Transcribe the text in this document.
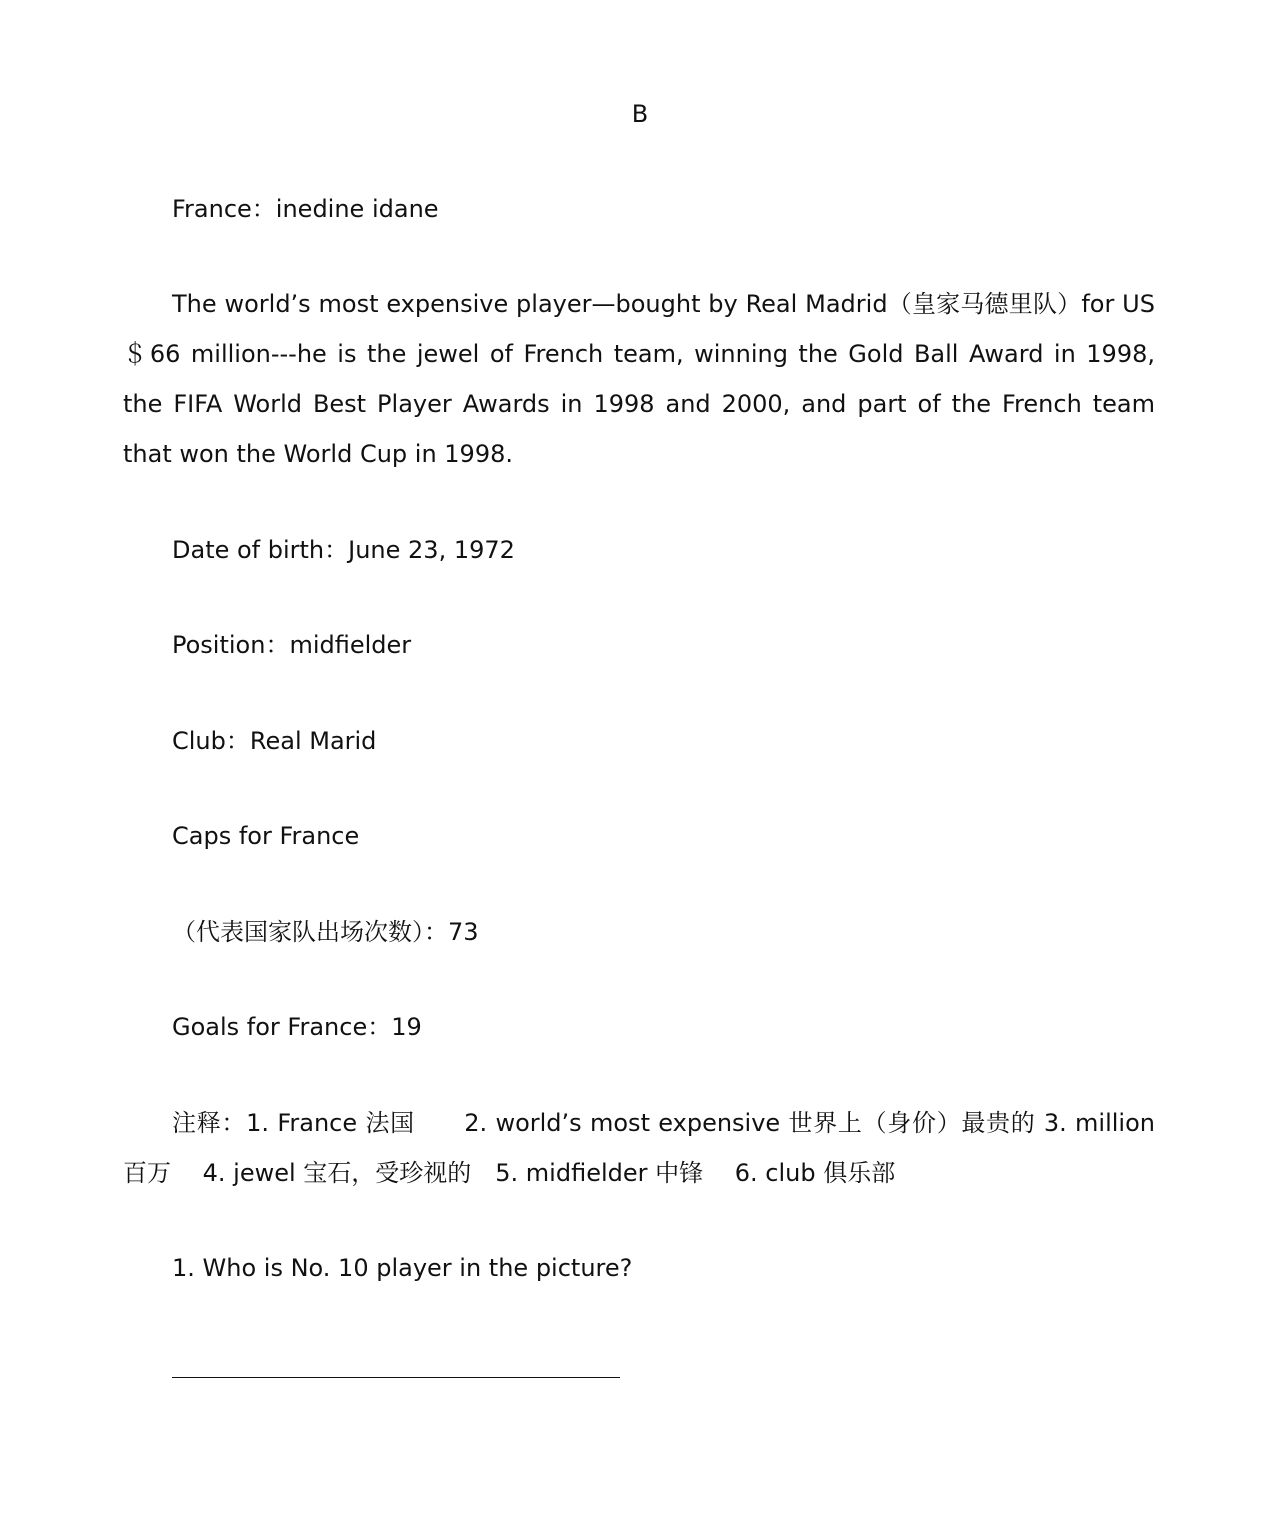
B
France：inedine idane
The world’s most expensive player—bought by Real Madrid（皇家马德里队）for US ＄66 million---he is the jewel of French team, winning the Gold Ball Award in 1998, the FIFA World Best Player Awards in 1998 and 2000, and part of the French team that won the World Cup in 1998.
Date of birth：June 23, 1972
Position：midfielder
Club：Real Marid
Caps for France
（代表国家队出场次数）：73
Goals for France：19
注释：1. France 法国　　2. world’s most expensive 世界上（身价）最贵的 3. million 百万　 4. jewel 宝石，受珍视的　5. midfielder 中锋　 6. club 俱乐部
1. Who is No. 10 player in the picture?
